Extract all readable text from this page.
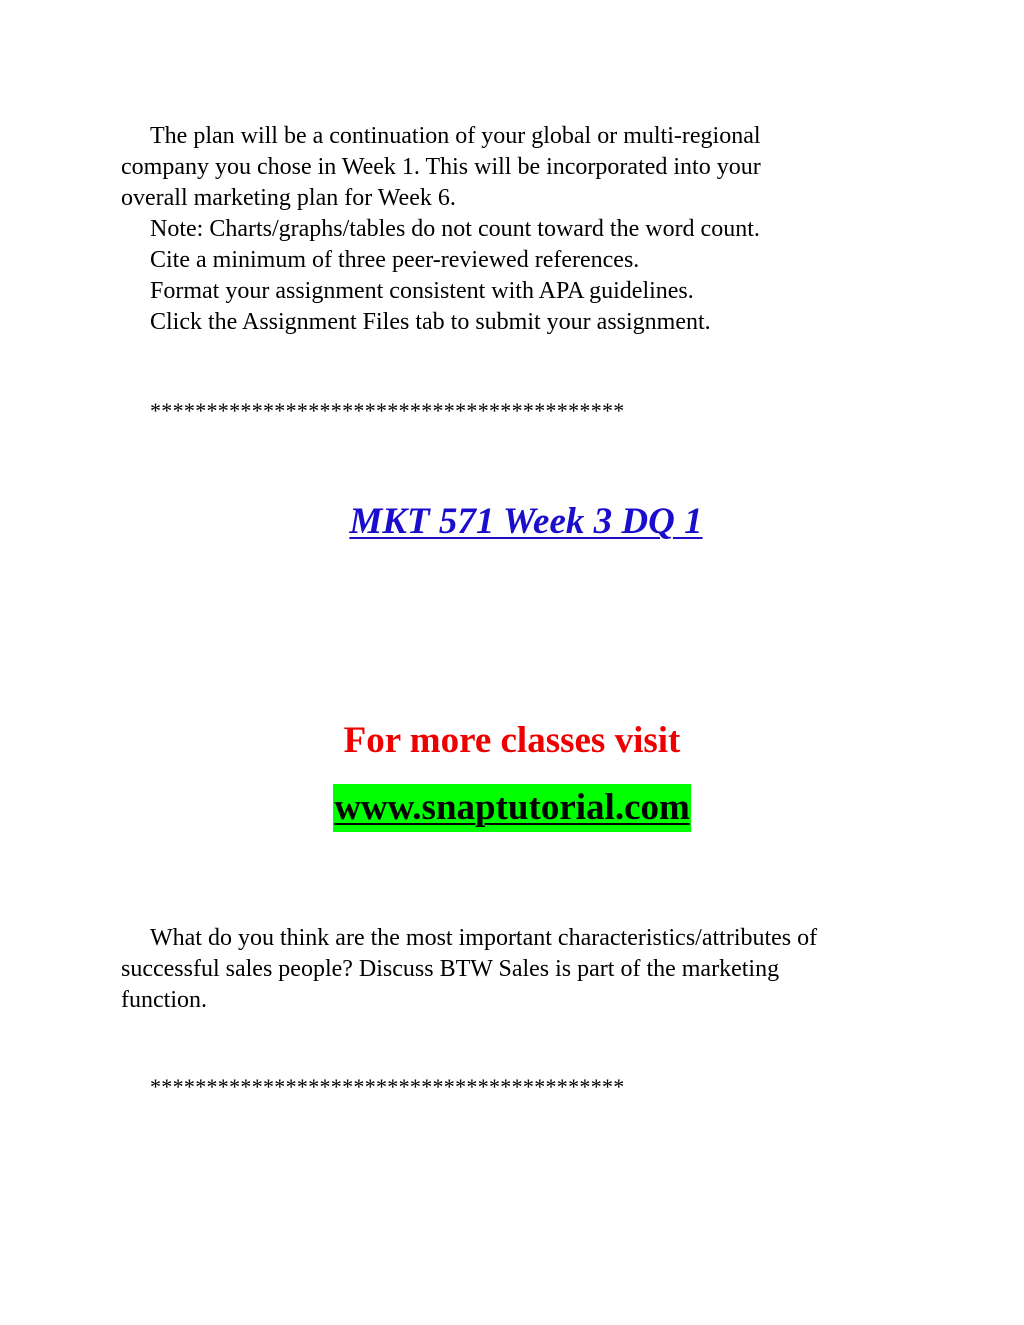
The plan will be a continuation of your global or multi-regional
company you chose in Week 1. This will be incorporated into your
overall marketing plan for Week 6.
Note: Charts/graphs/tables do not count toward the word count.
Cite a minimum of three peer-reviewed references.
Format your assignment consistent with APA guidelines.
Click the Assignment Files tab to submit your assignment.
******************************************
MKT 571 Week 3 DQ 1
For more classes visit
www.snaptutorial.com
What do you think are the most important characteristics/attributes of
successful sales people? Discuss BTW Sales is part of the marketing
function.
******************************************
